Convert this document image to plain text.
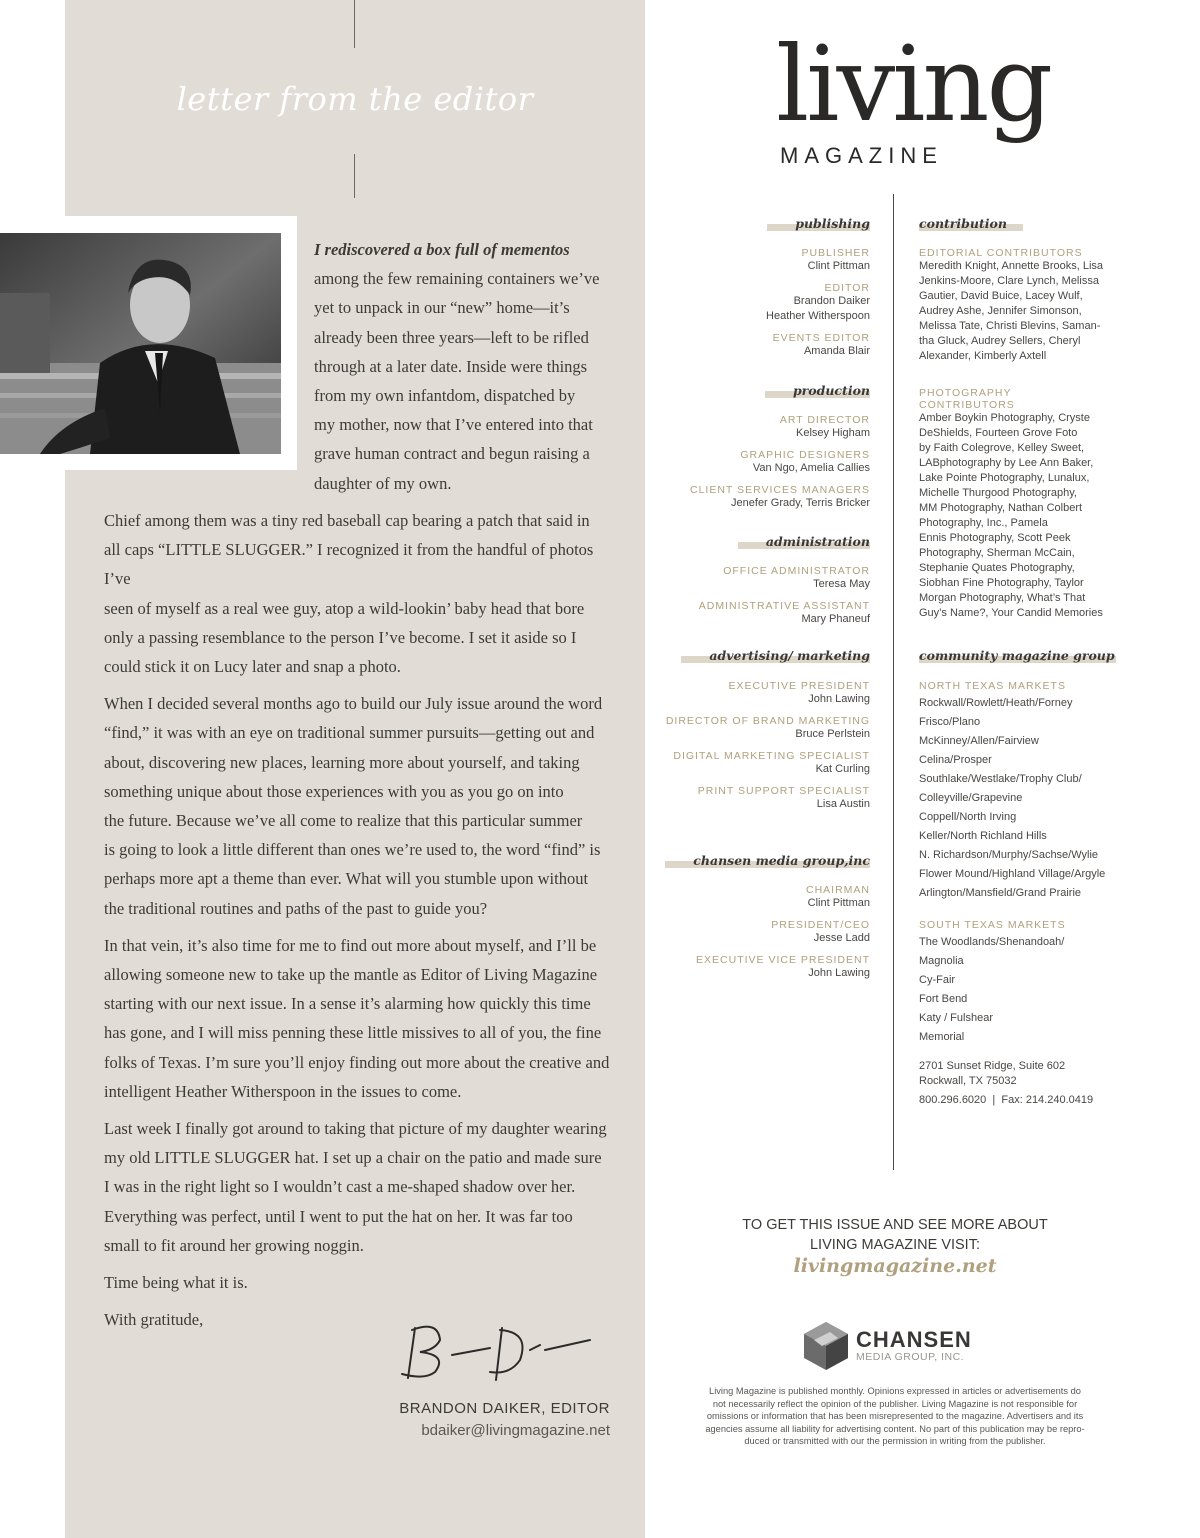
letter from the editor
I rediscovered a box full of mementos
among the few remaining containers we’ve
yet to unpack in our “new” home—it’s
already been three years—left to be rifled
through at a later date. Inside were things
from my own infantdom, dispatched by
my mother, now that I’ve entered into that
grave human contract and begun raising a
daughter of my own.

Chief among them was a tiny red baseball cap bearing a patch that said in
all caps “LITTLE SLUGGER.” I recognized it from the handful of photos I’ve
seen of myself as a real wee guy, atop a wild-lookin’ baby head that bore
only a passing resemblance to the person I’ve become. I set it aside so I
could stick it on Lucy later and snap a photo.

When I decided several months ago to build our July issue around the word
“find,” it was with an eye on traditional summer pursuits—getting out and
about, discovering new places, learning more about yourself, and taking
something unique about those experiences with you as you go on into
the future. Because we’ve all come to realize that this particular summer
is going to look a little different than ones we’re used to, the word “find” is
perhaps more apt a theme than ever. What will you stumble upon without
the traditional routines and paths of the past to guide you?

In that vein, it’s also time for me to find out more about myself, and I’ll be
allowing someone new to take up the mantle as Editor of Living Magazine
starting with our next issue. In a sense it’s alarming how quickly this time
has gone, and I will miss penning these little missives to all of you, the fine
folks of Texas. I’m sure you’ll enjoy finding out more about the creative and
intelligent Heather Witherspoon in the issues to come.

Last week I finally got around to taking that picture of my daughter wearing
my old LITTLE SLUGGER hat. I set up a chair on the patio and made sure
I was in the right light so I wouldn’t cast a me-shaped shadow over her.
Everything was perfect, until I went to put the hat on her. It was far too
small to fit around her growing noggin.

Time being what it is.

With gratitude,

BRANDON DAIKER, EDITOR
bdaiker@livingmagazine.net
living
MAGAZINE
publishing
PUBLISHER
Clint Pittman
EDITOR
Brandon Daiker
Heather Witherspoon
EVENTS EDITOR
Amanda Blair
production
ART DIRECTOR
Kelsey Higham
GRAPHIC DESIGNERS
Van Ngo, Amelia Callies
CLIENT SERVICES MANAGERS
Jenefer Grady, Terris Bricker
administration
OFFICE ADMINISTRATOR
Teresa May
ADMINISTRATIVE ASSISTANT
Mary Phaneuf
advertising/ marketing
EXECUTIVE PRESIDENT
John Lawing
DIRECTOR OF BRAND MARKETING
Bruce Perlstein
DIGITAL MARKETING SPECIALIST
Kat Curling
PRINT SUPPORT SPECIALIST
Lisa Austin
chansen media group,inc
CHAIRMAN
Clint Pittman
PRESIDENT/CEO
Jesse Ladd
EXECUTIVE VICE PRESIDENT
John Lawing
contribution
EDITORIAL CONTRIBUTORS
Meredith Knight, Annette Brooks, Lisa
Jenkins-Moore, Clare Lynch, Melissa
Gautier, David Buice, Lacey Wulf,
Audrey Ashe, Jennifer Simonson,
Melissa Tate, Christi Blevins, Saman-
tha Gluck, Audrey Sellers, Cheryl
Alexander, Kimberly Axtell
PHOTOGRAPHY CONTRIBUTORS
Amber Boykin Photography, Cryste
DeShields, Fourteen Grove Foto
by Faith Colegrove, Kelley Sweet,
LABphotography by Lee Ann Baker,
Lake Pointe Photography, Lunalux,
Michelle Thurgood Photography,
MM Photography, Nathan Colbert
Photography, Inc., Pamela
Ennis Photography, Scott Peek
Photography, Sherman McCain,
Stephanie Quates Photography,
Siobhan Fine Photography, Taylor
Morgan Photography, What’s That
Guy’s Name?, Your Candid Memories
community magazine group
NORTH TEXAS MARKETS
Rockwall/Rowlett/Heath/Forney
Frisco/Plano
McKinney/Allen/Fairview
Celina/Prosper
Southlake/Westlake/Trophy Club/
Colleyville/Grapevine
Coppell/North Irving
Keller/North Richland Hills
N. Richardson/Murphy/Sachse/Wylie
Flower Mound/Highland Village/Argyle
Arlington/Mansfield/Grand Prairie
SOUTH TEXAS MARKETS
The Woodlands/Shenandoah/
Magnolia
Cy-Fair
Fort Bend
Katy / Fulshear
Memorial
2701 Sunset Ridge, Suite 602
Rockwall, TX 75032
800.296.6020  |  Fax: 214.240.0419
TO GET THIS ISSUE AND SEE MORE ABOUT
LIVING MAGAZINE VISIT:
livingmagazine.net
CHANSEN
MEDIA GROUP, INC.
Living Magazine is published monthly. Opinions expressed in articles or advertisements do
not necessarily reflect the opinion of the publisher. Living Magazine is not responsible for
omissions or information that has been misrepresented to the magazine. Advertisers and its
agencies assume all liability for advertising content. No part of this publication may be repro-
duced or transmitted with our the permission in writing from the publisher.
